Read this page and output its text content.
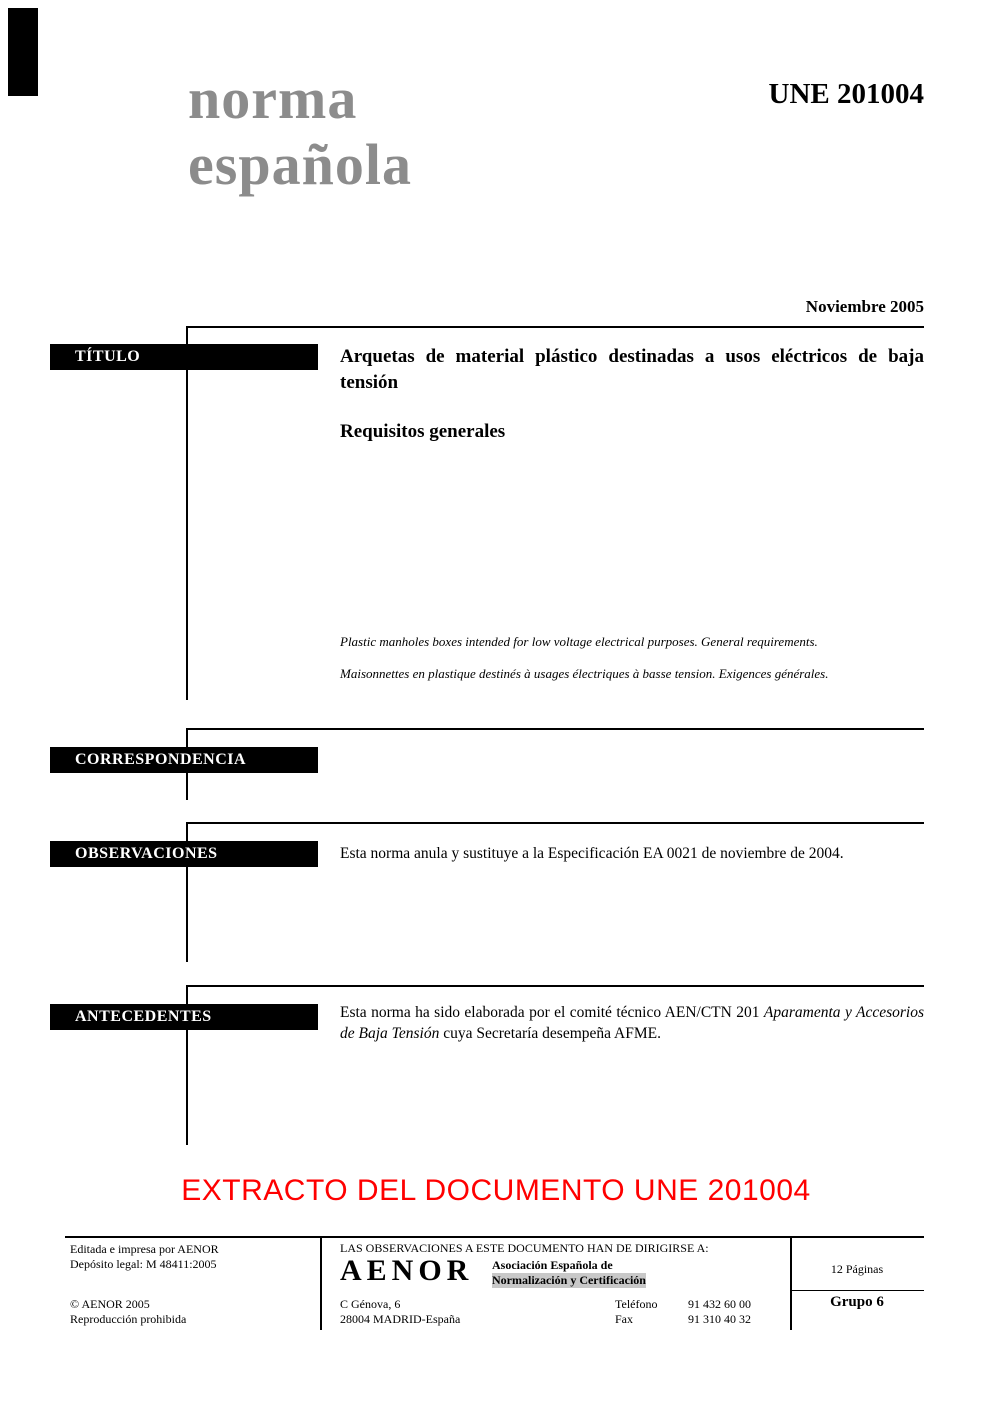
norma
española
UNE 201004
Noviembre 2005
TÍTULO
CORRESPONDENCIA
OBSERVACIONES
ANTECEDENTES
Arquetas de material plástico destinadas a usos eléctricos de baja tensión
Requisitos generales
Plastic manholes boxes intended for low voltage electrical purposes. General requirements.
Maisonnettes en plastique destinés à usages électriques à basse tension. Exigences générales.
Esta norma anula y sustituye a la Especificación EA 0021 de noviembre de 2004.
Esta norma ha sido elaborada por el comité técnico AEN/CTN 201 Aparamenta y Accesorios de Baja Tensión cuya Secretaría desempeña AFME.
EXTRACTO DEL DOCUMENTO UNE 201004
Editada e impresa por AENOR
Depósito legal: M 48411:2005
© AENOR 2005
Reproducción prohibida
LAS OBSERVACIONES A ESTE DOCUMENTO HAN DE DIRIGIRSE A:
AENOR Asociación Española de
Normalización y Certificación
C Génova, 6
28004 MADRID-España
Teléfono	91 432 60 00
Fax	91 310 40 32
12 Páginas
Grupo 6
